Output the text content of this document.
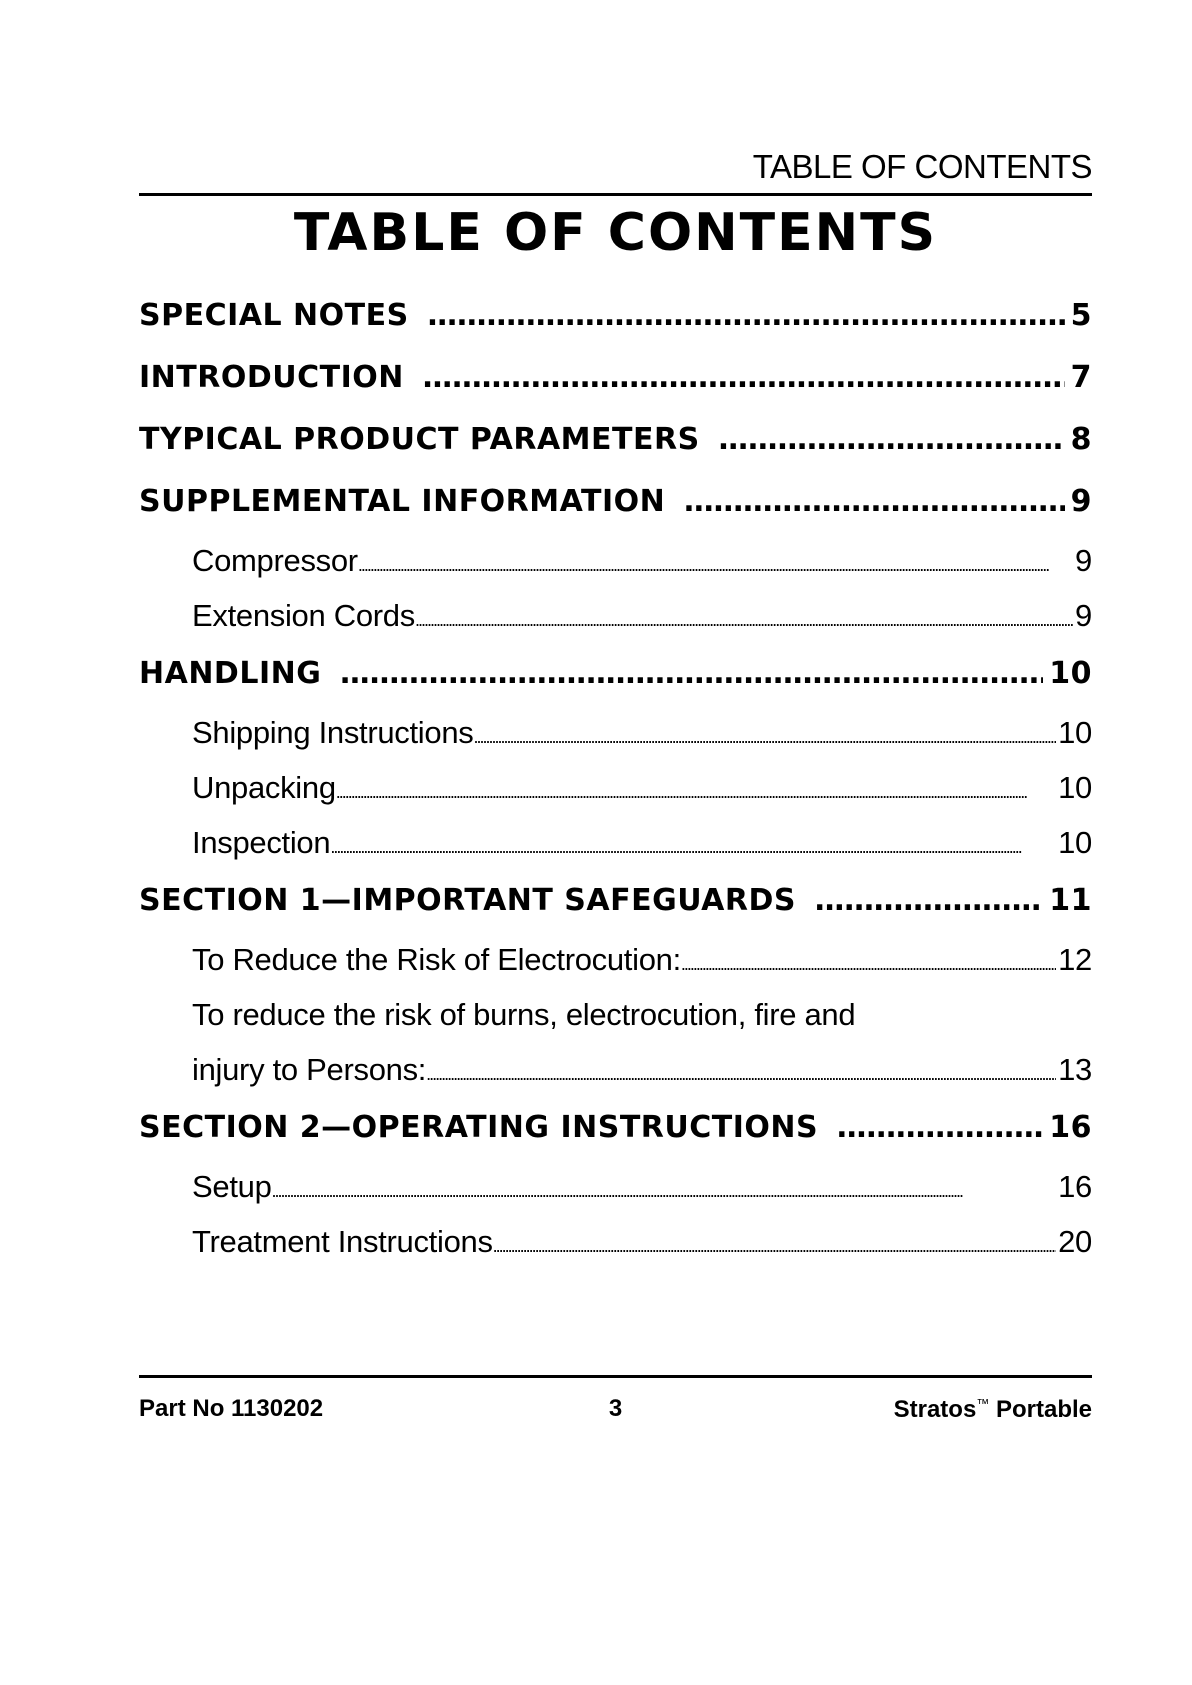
TABLE OF CONTENTS
TABLE OF CONTENTS
SPECIAL NOTES . . .	5
INTRODUCTION . . .	7
TYPICAL PRODUCT PARAMETERS . . .	8
SUPPLEMENTAL INFORMATION . . .	9
Compressor . . .	9
Extension Cords . . .	9
HANDLING . . .	10
Shipping Instructions . . .	10
Unpacking . . .	10
Inspection . . .	10
SECTION 1—IMPORTANT SAFEGUARDS . . .	11
To Reduce the Risk of Electrocution: . . .	12
To reduce the risk of burns, electrocution, fire and
injury to Persons: . . .	13
SECTION 2—OPERATING INSTRUCTIONS . . .	16
Setup . . .	16
Treatment Instructions . . .	20
Part No 1130202	3	Stratos™ Portable
